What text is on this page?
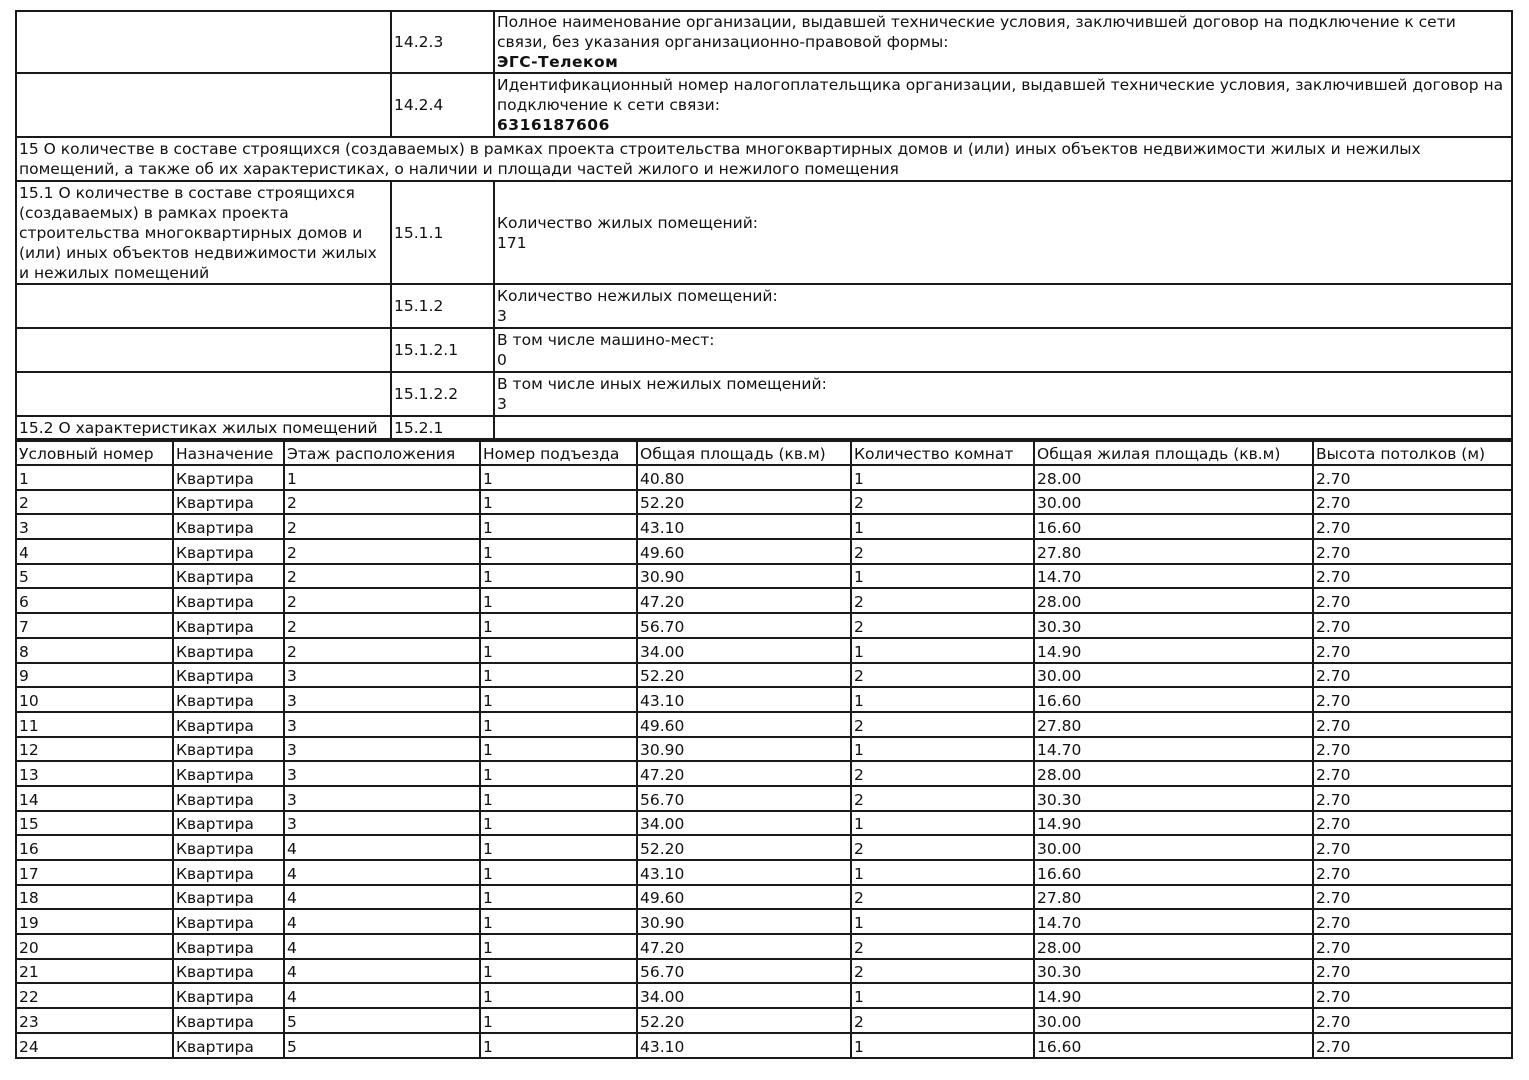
	14.2.3	Полное наименование организации, выдавшей технические условия, заключившей договор на подключение к сети связи, без указания организационно-правовой формы:
ЭГС-Телеком

	14.2.4	Идентификационный номер налогоплательщика организации, выдавшей технические условия, заключившей договор на подключение к сети связи:
6316187606

15 О количестве в составе строящихся (создаваемых) в рамках проекта строительства многоквартирных домов и (или) иных объектов недвижимости жилых и нежилых помещений, а также об их характеристиках, о наличии и площади частей жилого и нежилого помещения		
15.1 О количестве в составе строящихся (создаваемых) в рамках проекта строительства многоквартирных домов и (или) иных объектов недвижимости жилых и нежилых помещений	15.1.1	Количество жилых помещений:
171

	15.1.2	Количество нежилых помещений:
3

	15.1.2.1	В том числе машино-мест:
0

	15.1.2.2	В том числе иных нежилых помещений:
3

15.2 О характеристиках жилых помещений	15.2.1	
Условный номер	Назначение	Этаж расположения	Номер подъезда	Общая площадь (кв.м)	Количество комнат	Общая жилая площадь (кв.м)	Высота потолков (м)
1	Квартира	1	1	40.80	1	28.00	2.70
2	Квартира	2	1	52.20	2	30.00	2.70
3	Квартира	2	1	43.10	1	16.60	2.70
4	Квартира	2	1	49.60	2	27.80	2.70
5	Квартира	2	1	30.90	1	14.70	2.70
6	Квартира	2	1	47.20	2	28.00	2.70
7	Квартира	2	1	56.70	2	30.30	2.70
8	Квартира	2	1	34.00	1	14.90	2.70
9	Квартира	3	1	52.20	2	30.00	2.70
10	Квартира	3	1	43.10	1	16.60	2.70
11	Квартира	3	1	49.60	2	27.80	2.70
12	Квартира	3	1	30.90	1	14.70	2.70
13	Квартира	3	1	47.20	2	28.00	2.70
14	Квартира	3	1	56.70	2	30.30	2.70
15	Квартира	3	1	34.00	1	14.90	2.70
16	Квартира	4	1	52.20	2	30.00	2.70
17	Квартира	4	1	43.10	1	16.60	2.70
18	Квартира	4	1	49.60	2	27.80	2.70
19	Квартира	4	1	30.90	1	14.70	2.70
20	Квартира	4	1	47.20	2	28.00	2.70
21	Квартира	4	1	56.70	2	30.30	2.70
22	Квартира	4	1	34.00	1	14.90	2.70
23	Квартира	5	1	52.20	2	30.00	2.70
24	Квартира	5	1	43.10	1	16.60	2.70
